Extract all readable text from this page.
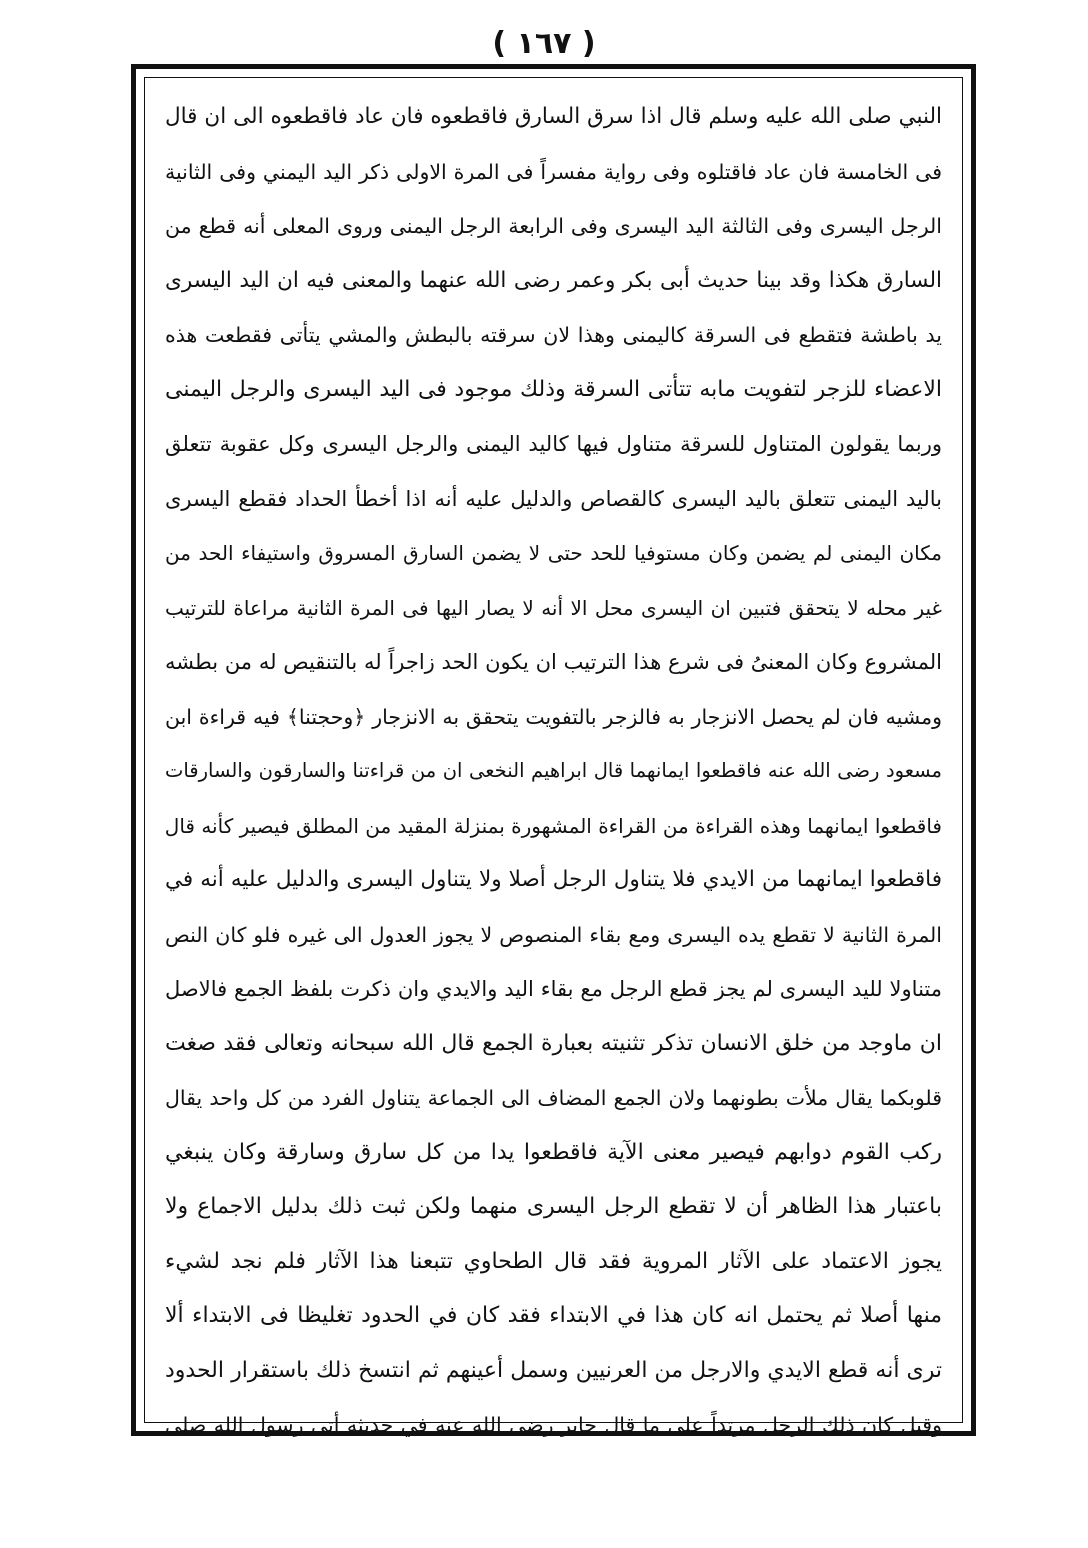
( ١٦٧ )
النبي صلى الله عليه وسلم قال اذا سرق السارق فاقطعوه فان عاد فاقطعوه الى ان قال
فى الخامسة فان عاد فاقتلوه وفى رواية مفسراً فى المرة الاولى ذكر اليد اليمني وفى الثانية
الرجل اليسرى وفى الثالثة اليد اليسرى وفى الرابعة الرجل اليمنى وروى المعلى أنه قطع من
السارق هكذا وقد بينا حديث أبى بكر وعمر رضى الله عنهما والمعنى فيه ان اليد اليسرى
يد باطشة فتقطع فى السرقة كاليمنى وهذا لان سرقته بالبطش والمشي يتأتى فقطعت هذه
الاعضاء للزجر لتفويت مابه تتأتى السرقة وذلك موجود فى اليد اليسرى والرجل اليمنى
وربما يقولون المتناول للسرقة متناول فيها كاليد اليمنى والرجل اليسرى وكل عقوبة تتعلق
باليد اليمنى تتعلق باليد اليسرى كالقصاص والدليل عليه أنه اذا أخطأ الحداد فقطع اليسرى
مكان اليمنى لم يضمن وكان مستوفيا للحد حتى لا يضمن السارق المسروق واستيفاء الحد من
غير محله لا يتحقق فتبين ان اليسرى محل الا أنه لا يصار اليها فى المرة الثانية مراعاة للترتيب
المشروع وكان المعنىُ فى شرع هذا الترتيب ان يكون الحد زاجراً له بالتنقيص له من بطشه
ومشيه فان لم يحصل الانزجار به فالزجر بالتفويت يتحقق به الانزجار ﴿وحجتنا﴾ فيه قراءة ابن
مسعود رضى الله عنه فاقطعوا ايمانهما قال ابراهيم النخعى ان من قراءتنا والسارقون والسارقات
فاقطعوا ايمانهما وهذه القراءة من القراءة المشهورة بمنزلة المقيد من المطلق فيصير كأنه قال
فاقطعوا ايمانهما من الايدي فلا يتناول الرجل أصلا ولا يتناول اليسرى والدليل عليه أنه في
المرة الثانية لا تقطع يده اليسرى ومع بقاء المنصوص لا يجوز العدول الى غيره فلو كان النص
متناولا لليد اليسرى لم يجز قطع الرجل مع بقاء اليد والايدي وان ذكرت بلفظ الجمع فالاصل
ان ماوجد من خلق الانسان تذكر تثنيته بعبارة الجمع قال الله سبحانه وتعالى فقد صغت
قلوبكما يقال ملأت بطونهما ولان الجمع المضاف الى الجماعة يتناول الفرد من كل واحد يقال
ركب القوم دوابهم فيصير معنى الآية فاقطعوا يدا من كل سارق وسارقة وكان ينبغي
باعتبار هذا الظاهر أن لا تقطع الرجل اليسرى منهما ولكن ثبت ذلك بدليل الاجماع ولا
يجوز الاعتماد على الآثار المروية فقد قال الطحاوي تتبعنا هذا الآثار فلم نجد لشيء
منها أصلا ثم يحتمل انه كان هذا في الابتداء فقد كان في الحدود تغليظا فى الابتداء ألا
ترى أنه قطع الايدي والارجل من العرنيين وسمل أعينهم ثم انتسخ ذلك باستقرار الحدود
وقيل كان ذلك الرجل مرتداً على ما قال جابر رضى الله عنه في حديثه أتى رسول الله صلى
